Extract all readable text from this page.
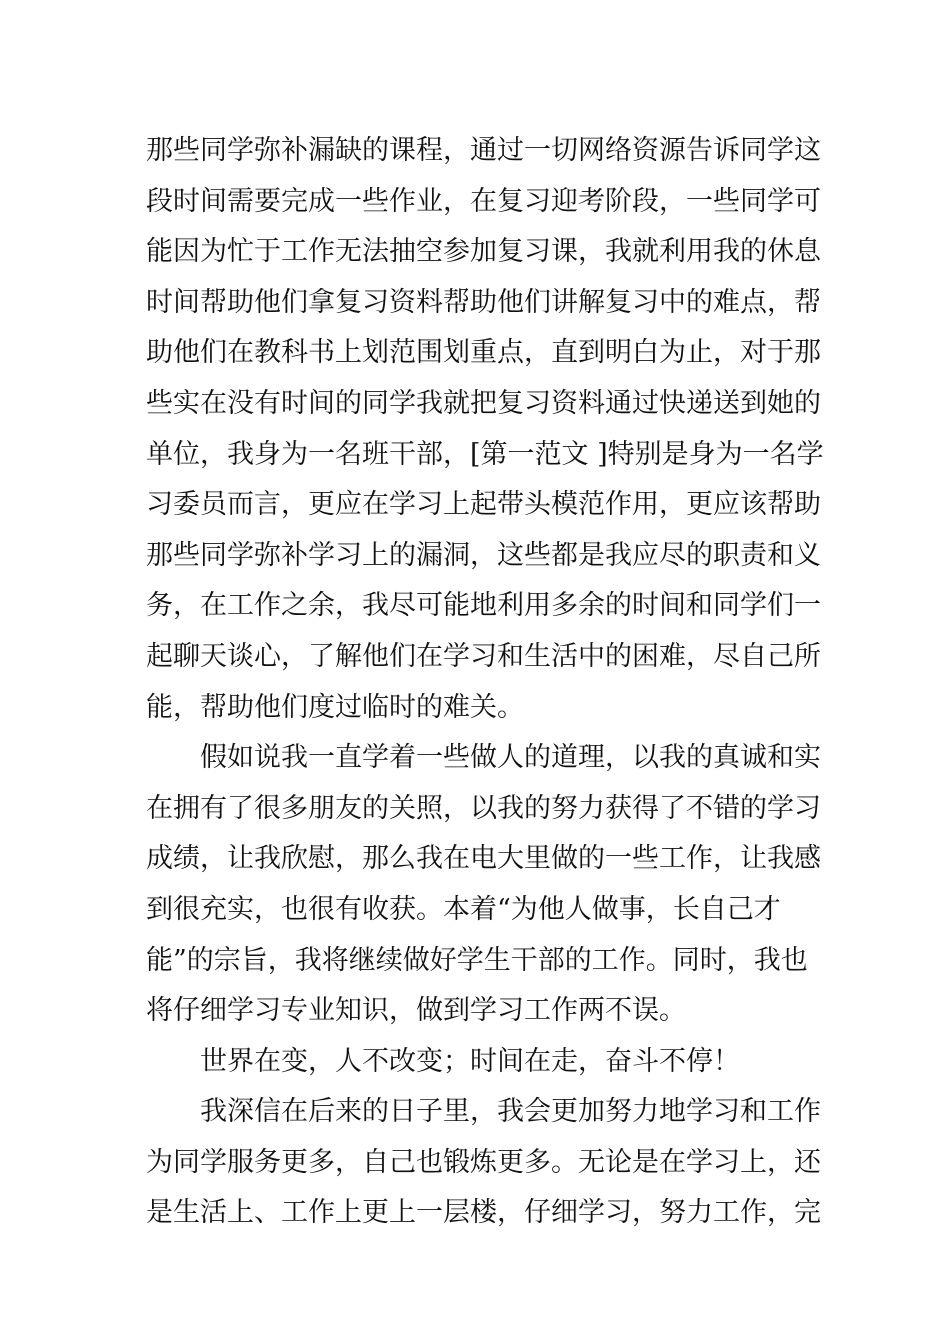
那些同学弥补漏缺的课程，通过一切网络资源告诉同学这
段时间需要完成一些作业，在复习迎考阶段，一些同学可
能因为忙于工作无法抽空参加复习课，我就利用我的休息
时间帮助他们拿复习资料帮助他们讲解复习中的难点，帮
助他们在教科书上划范围划重点，直到明白为止，对于那
些实在没有时间的同学我就把复习资料通过快递送到她的
单位，我身为一名班干部，[第一范文 ]特别是身为一名学
习委员而言，更应在学习上起带头模范作用，更应该帮助
那些同学弥补学习上的漏洞，这些都是我应尽的职责和义
务，在工作之余，我尽可能地利用多余的时间和同学们一
起聊天谈心，了解他们在学习和生活中的困难，尽自己所
能，帮助他们度过临时的难关。
假如说我一直学着一些做人的道理，以我的真诚和实
在拥有了很多朋友的关照，以我的努力获得了不错的学习
成绩，让我欣慰，那么我在电大里做的一些工作，让我感
到很充实，也很有收获。本着“为他人做事，长自己才
能”的宗旨，我将继续做好学生干部的工作。同时，我也
将仔细学习专业知识，做到学习工作两不误。
世界在变，人不改变；时间在走，奋斗不停！
我深信在后来的日子里，我会更加努力地学习和工作
为同学服务更多，自己也锻炼更多。无论是在学习上，还
是生活上、工作上更上一层楼，仔细学习，努力工作，完
